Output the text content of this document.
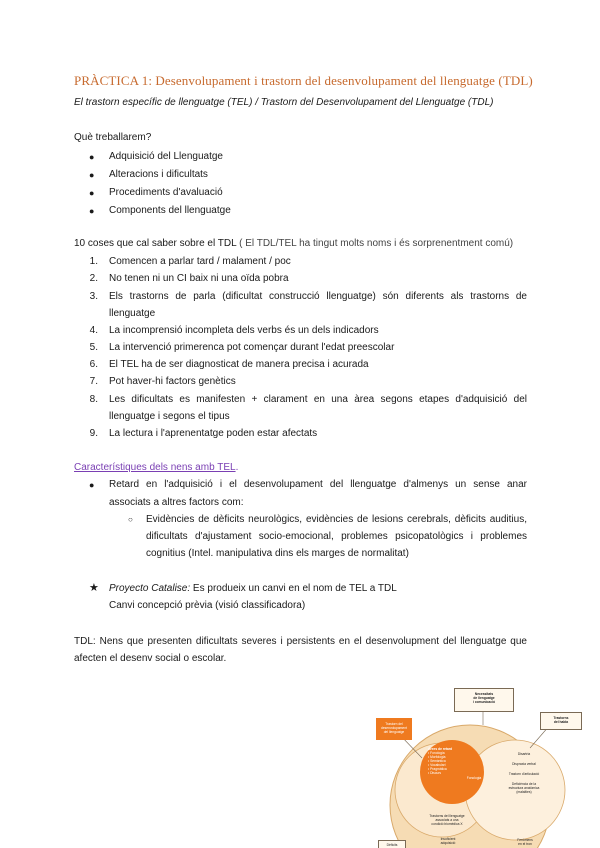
PRÀCTICA 1: Desenvolupament i trastorn del desenvolupament del llenguatge (TDL)
El trastorn específic de llenguatge (TEL) / Trastorn del Desenvolupament del Llenguatge (TDL)
Què treballarem?
● Adquisició del Llenguatge
● Alteracions i dificultats
● Procediments d'avaluació
● Components del llenguatge
10 coses que cal saber sobre el TDL ( El TDL/TEL ha tingut molts noms i és sorprenentment comú)
1. Comencen a parlar tard / malament / poc
2. No tenen ni un CI baix ni una oïda pobra
3. Els trastorns de parla (dificultat construcció llenguatge) són diferents als trastorns de
llenguatge
4. La incomprensió incompleta dels verbs és un dels indicadors
5. La intervenció primerenca pot començar durant l'edat preescolar
6. El TEL ha de ser diagnosticat de manera precisa i acurada
7. Pot haver-hi factors genètics
8. Les dificultats es manifesten + clarament en una àrea segons etapes d'adquisició del
llenguatge i segons el tipus
9. La lectura i l'aprenentatge poden estar afectats
Característiques dels nens amb TEL.
● Retard en l'adquisició i el desenvolupament del llenguatge d'almenys un sense anar
associats a altres factors com:
○ Evidències de dèficits neurològics, evidències de lesions cerebrals, dèficits auditius,
dificultats d'ajustament socio-emocional, problemes psicopatològics i problemes
cognitius (Intel. manipulativa dins els marges de normalitat)
★ Proyecto Catalise: Es produeix un canvi en el nom de TEL a TDL
Canvi concepció prèvia (visió classificadora)
TDL: Nens que presenten dificultats severes i persistents en el desenvolupment del llenguatge que
afecten el desenv social o escolar.
Necessitats
de llenguatge
i comunicació
Trastorns
del habla
Trastorn del
desenvolupament
del llenguatge
Àrees de retard
• Fonologia
• Morfologia
• Semàntica
• Vocabulari
• Pragmàtica
• Discurs
Fonologia
Disartria
Dispraxia verbal
Trastorn d'articulació
Deficiència de la
estructura anatòmica
(malalties)
Trastorns del llenguatge
associats a una
condició biomèdica X
Insuficient
adquisició
Fenòmens
en el tron
Dèficits
